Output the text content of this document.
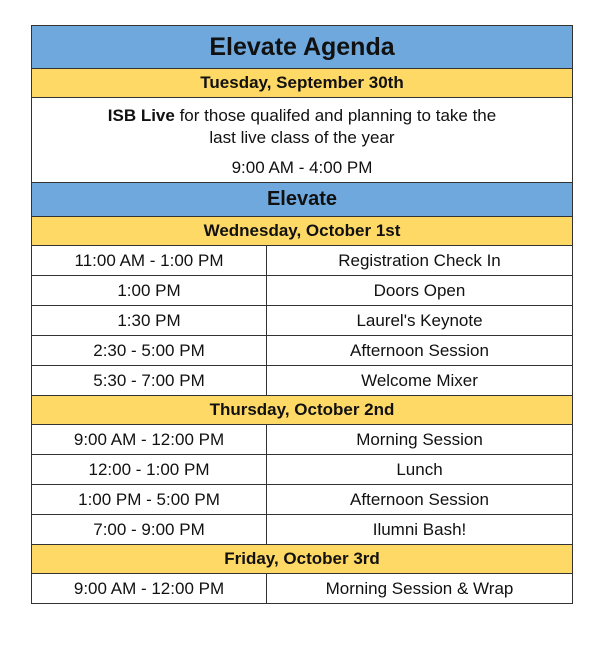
Elevate Agenda
Tuesday, September 30th
ISB Live for those qualifed and planning to take the
last live class of the year
9:00 AM - 4:00 PM
Elevate
Wednesday, October 1st
11:00 AM - 1:00 PM	Registration Check In
1:00 PM	Doors Open
1:30 PM	Laurel's Keynote
2:30 - 5:00 PM	Afternoon Session
5:30 - 7:00 PM	Welcome Mixer
Thursday, October 2nd
9:00 AM - 12:00 PM	Morning Session
12:00 - 1:00 PM	Lunch
1:00 PM - 5:00 PM	Afternoon Session
7:00 - 9:00 PM	Ilumni Bash!
Friday, October 3rd
9:00 AM - 12:00 PM	Morning Session & Wrap
